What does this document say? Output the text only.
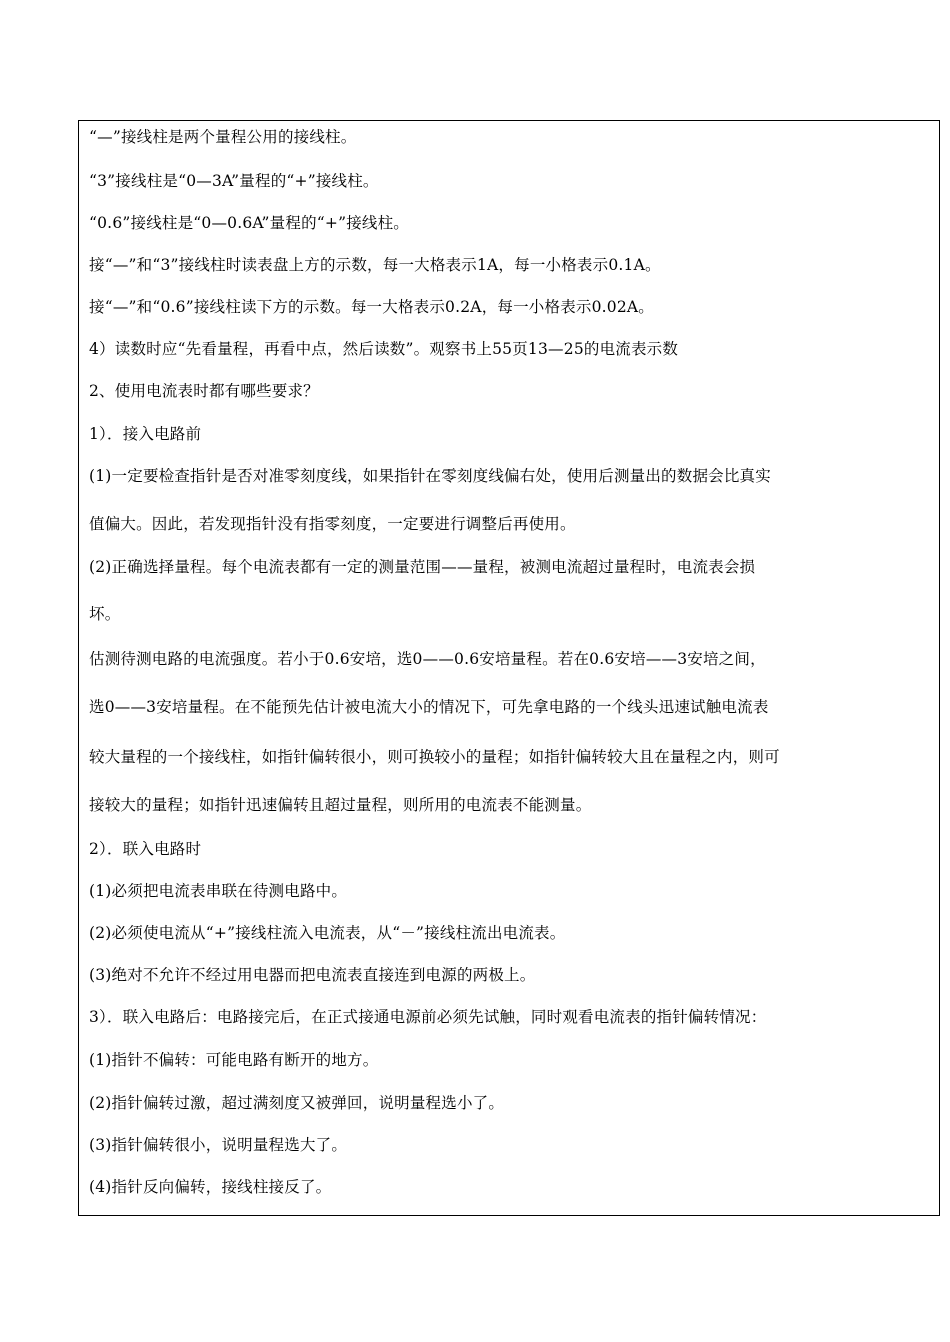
“—”接线柱是两个量程公用的接线柱。
“3”接线柱是“0—3A”量程的“+”接线柱。
“0.6”接线柱是“0—0.6A”量程的“+”接线柱。
接“—”和“3”接线柱时读表盘上方的示数，每一大格表示1A，每一小格表示0.1A。
接“—”和“0.6”接线柱读下方的示数。每一大格表示0.2A，每一小格表示0.02A。
4）读数时应“先看量程，再看中点，然后读数”。观察书上55页13—25的电流表示数
2、使用电流表时都有哪些要求？
1）．接入电路前
(1)一定要检查指针是否对准零刻度线，如果指针在零刻度线偏右处，使用后测量出的数据会比真实
值偏大。因此，若发现指针没有指零刻度，一定要进行调整后再使用。
(2)正确选择量程。每个电流表都有一定的测量范围——量程，被测电流超过量程时，电流表会损
坏。
估测待测电路的电流强度。若小于0.6安培，选0——0.6安培量程。若在0.6安培——3安培之间，
选0——3安培量程。在不能预先估计被电流大小的情况下，可先拿电路的一个线头迅速试触电流表
较大量程的一个接线柱，如指针偏转很小，则可换较小的量程；如指针偏转较大且在量程之内，则可
接较大的量程；如指针迅速偏转且超过量程，则所用的电流表不能测量。
2）．联入电路时
(1)必须把电流表串联在待测电路中。
(2)必须使电流从“+”接线柱流入电流表，从“－”接线柱流出电流表。
(3)绝对不允许不经过用电器而把电流表直接连到电源的两极上。
3）．联入电路后：电路接完后，在正式接通电源前必须先试触，同时观看电流表的指针偏转情况：
(1)指针不偏转：可能电路有断开的地方。
(2)指针偏转过激，超过满刻度又被弹回，说明量程选小了。
(3)指针偏转很小，说明量程选大了。
(4)指针反向偏转，接线柱接反了。
